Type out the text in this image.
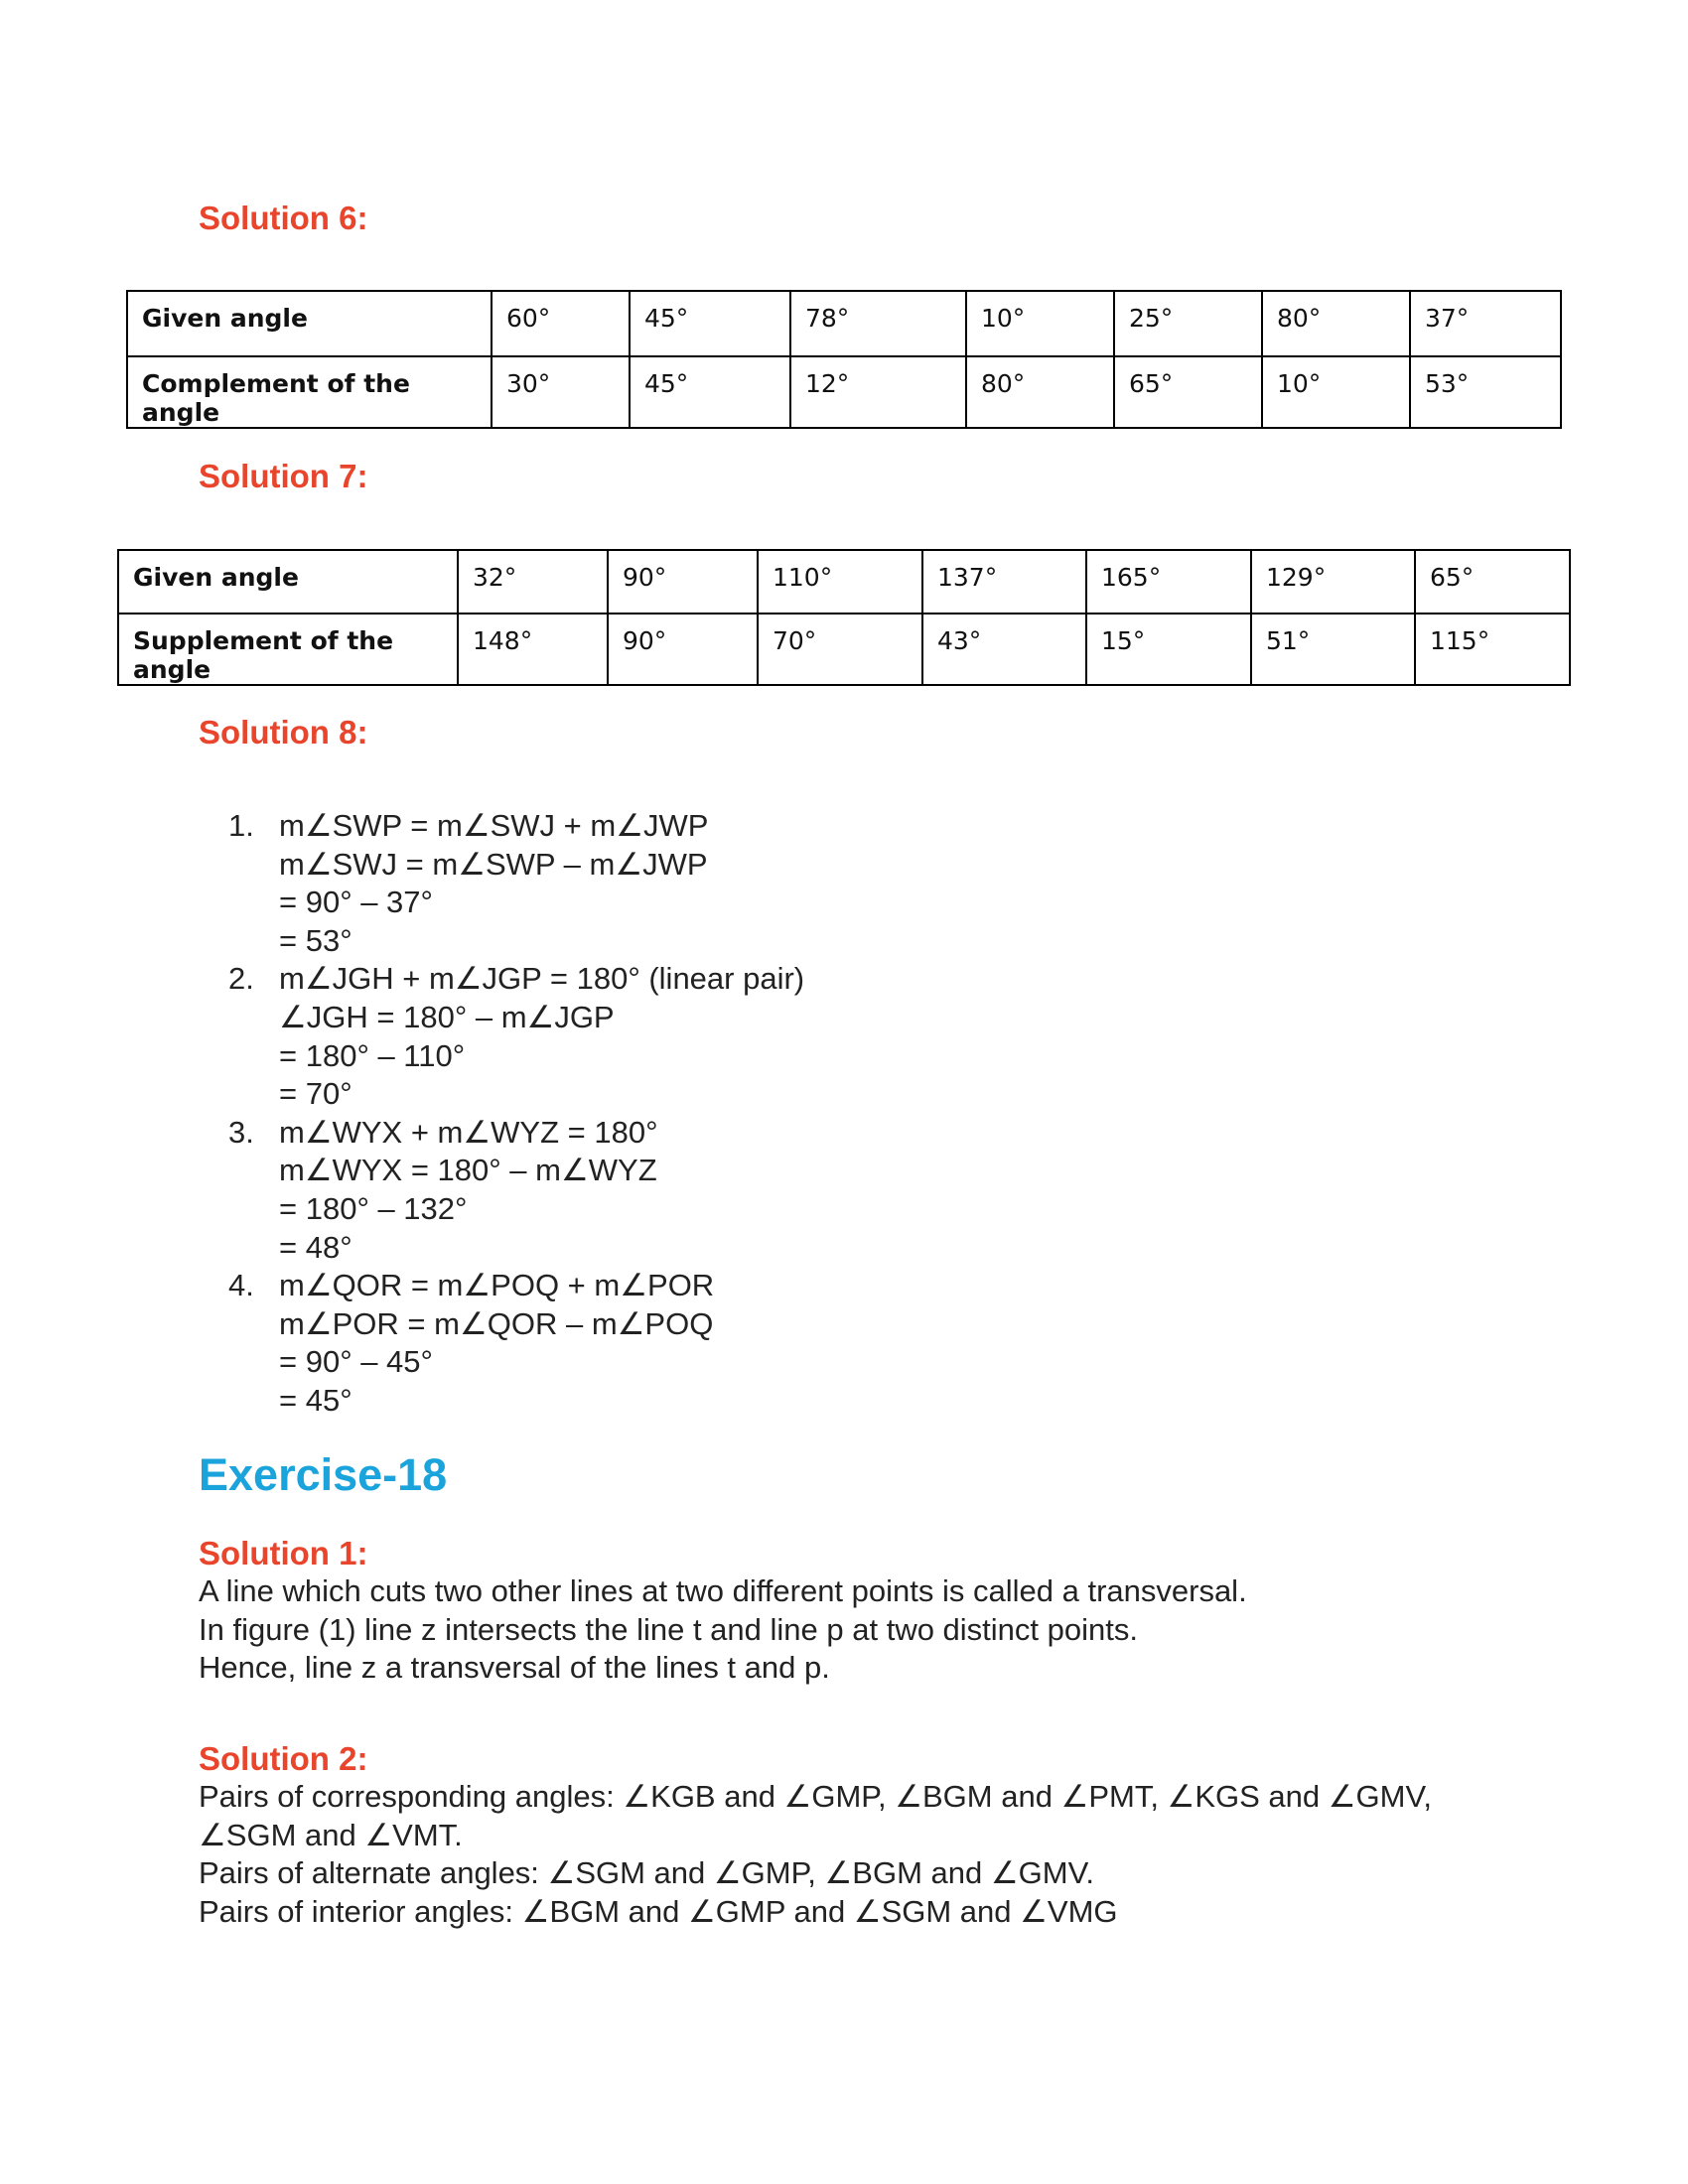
Solution 6:
Given angle	60°	45°	78°	10°	25°	80°	37°
Complement of the angle	30°	45°	12°	80°	65°	10°	53°
Solution 7:
Given angle	32°	90°	110°	137°	165°	129°	65°
Supplement of the angle	148°	90°	70°	43°	15°	51°	115°
Solution 8:
1. m∠SWP = m∠SWJ + m∠JWP
m∠SWJ = m∠SWP – m∠JWP
= 90° – 37°
= 53°
2. m∠JGH + m∠JGP = 180° (linear pair)
∠JGH = 180° – m∠JGP
= 180° – 110°
= 70°
3. m∠WYX + m∠WYZ = 180°
m∠WYX = 180° – m∠WYZ
= 180° – 132°
= 48°
4. m∠QOR = m∠POQ + m∠POR
m∠POR = m∠QOR – m∠POQ
= 90° – 45°
= 45°
Exercise-18
Solution 1:
A line which cuts two other lines at two different points is called a transversal.
In figure (1) line z intersects the line t and line p at two distinct points.
Hence, line z a transversal of the lines t and p.
Solution 2:
Pairs of corresponding angles: ∠KGB and ∠GMP, ∠BGM and ∠PMT, ∠KGS and ∠GMV,
∠SGM and ∠VMT.
Pairs of alternate angles: ∠SGM and ∠GMP, ∠BGM and ∠GMV.
Pairs of interior angles: ∠BGM and ∠GMP and ∠SGM and ∠VMG
